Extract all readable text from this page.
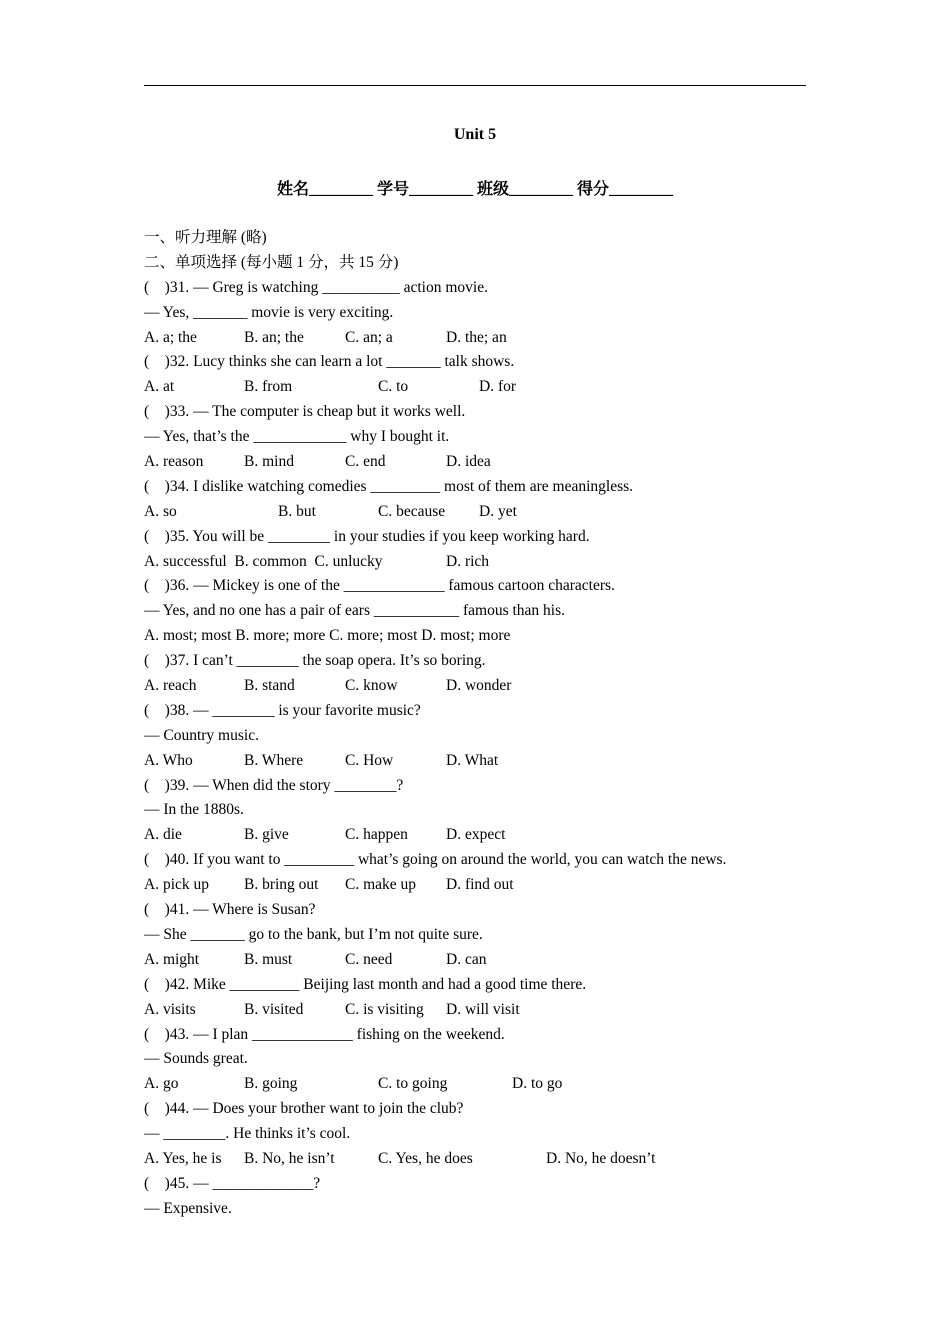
Unit 5
姓名________ 学号________ 班级________ 得分________
一、听力理解 (略)
二、单项选择 (每小题 1 分，共 15 分)
(    )31. — Greg is watching __________ action movie.
— Yes, _______ movie is very exciting.

A. a; the

	B. an; the

	C. an; a

	D. the; an

(    )32. Lucy thinks she can learn a lot _______ talk shows.

A. at

	B. from

	C. to

	D. for

(    )33. — The computer is cheap but it works well.
— Yes, that’s the ____________ why I bought it.

A. reason

	B. mind

	C. end

	D. idea

(    )34. I dislike watching comedies _________ most of them are meaningless.

A. so

	B. but

	C. because

D. yet

(    )35. You will be ________ in your studies if you keep working hard.

A. successful  B. common  C. unlucky

	D. rich

(    )36. — Mickey is one of the _____________ famous cartoon characters.
— Yes, and no one has a pair of ears ___________ famous than his.
A. most; most B. more; more C. more; most D. most; more
(    )37. I can’t ________ the soap opera. It’s so boring.

A. reach

	B. stand

	C. know

	D. wonder

(    )38. — ________ is your favorite music?
— Country music.

A. Who

	B. Where

	C. How

	D. What

(    )39. — When did the story ________?
— In the 1880s.

A. die

	B. give

	C. happen

D. expect

(    )40. If you want to _________ what’s going on around the world, you can watch the news.

A. pick up

B. bring out

C. make up

D. find out

(    )41. — Where is Susan?
— She _______ go to the bank, but I’m not quite sure.

A. might

	B. must

	C. need

	D. can

(    )42. Mike _________ Beijing last month and had a good time there.

A. visits

	B. visited

	C. is visiting

D. will visit

(    )43. — I plan _____________ fishing on the weekend.
— Sounds great.

A. go

	B. going

	C. to going

	D. to go

(    )44. — Does your brother want to join the club?
— ________. He thinks it’s cool.

A. Yes, he is

B. No, he isn’t

	C. Yes, he does

	D. No, he doesn’t

(    )45. — _____________?
— Expensive.
